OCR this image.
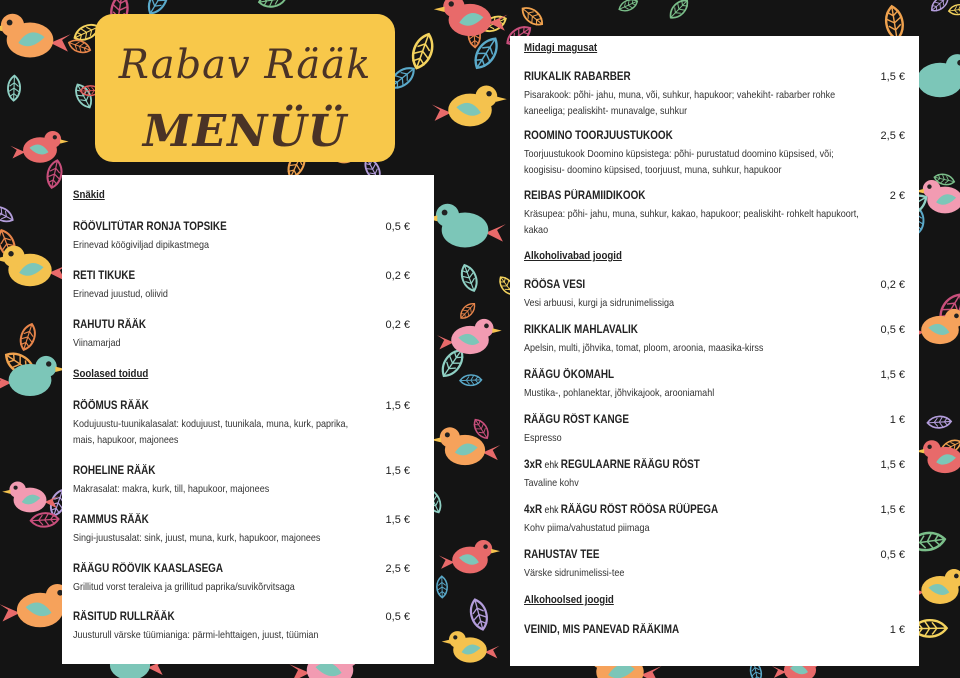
Rabav Rääk
MENÜÜ
Snäkid
RÖÖVLITÜTAR RONJA TOPSIKE	0,5 €
Erinevad köögiviljad dipikastmega
RETI TIKUKE	0,2 €
Erinevad juustud, oliivid
RAHUTU RÄÄK	0,2 €
Viinamarjad
Soolased toidud
RÕÕMUS RÄÄK	1,5 €
Kodujuustu-tuunikalasalat: kodujuust, tuunikala, muna, kurk, paprika, mais, hapukoor, majonees
ROHELINE RÄÄK	1,5 €
Makrasalat: makra, kurk, till, hapukoor, majonees
RAMMUS RÄÄK	1,5 €
Singi-juustusalat: sink, juust, muna, kurk, hapukoor, majonees
RÄÄGU RÖÖVIK KAASLASEGA	2,5 €
Grillitud vorst teraleiva ja grillitud paprika/suvikõrvitsaga
RÄSITUD RULLRÄÄK	0,5 €
Juusturull värske tüümianiga: pärmi-lehttaigen, juust, tüümian
Midagi magusat
RIUKALIK RABARBER	1,5 €
Pisarakook: põhi- jahu, muna, või, suhkur, hapukoor; vahekiht- rabarber rohke kaneeliga; pealiskiht- munavalge, suhkur
ROOMINO TOORJUUSTUKOOK	2,5 €
Toorjuustukook Doomino küpsistega: põhi- purustatud doomino küpsised, või; koogisisu- doomino küpsised, toorjuust, muna, suhkur, hapukoor
REIBAS PÜRAMIIDIKOOK	2 €
Kräsupea: põhi- jahu, muna, suhkur, kakao, hapukoor; pealiskiht- rohkelt hapukoort, kakao
Alkoholivabad joogid
RÖÖSA VESI	0,2 €
Vesi arbuusi, kurgi ja sidrunimelissiga
RIKKALIK MAHLAVALIK	0,5 €
Apelsin, multi, jõhvika, tomat, ploom, aroonia, maasika-kirss
RÄÄGU ÕKOMAHL	1,5 €
Mustika-, pohlanektar, jõhvikajook, arooniamahl
RÄÄGU RÖST KANGE	1 €
Espresso
3xR ehk REGULAARNE RÄÄGU RÖST	1,5 €
Tavaline kohv
4xR ehk RÄÄGU RÖST RÖÖSA RÜÜPEGA	1,5 €
Kohv piima/vahustatud piimaga
RAHUSTAV TEE	0,5 €
Värske sidrunimelissi-tee
Alkohoolsed joogid
VEINID, MIS PANEVAD RÄÄKIMA	1 €
